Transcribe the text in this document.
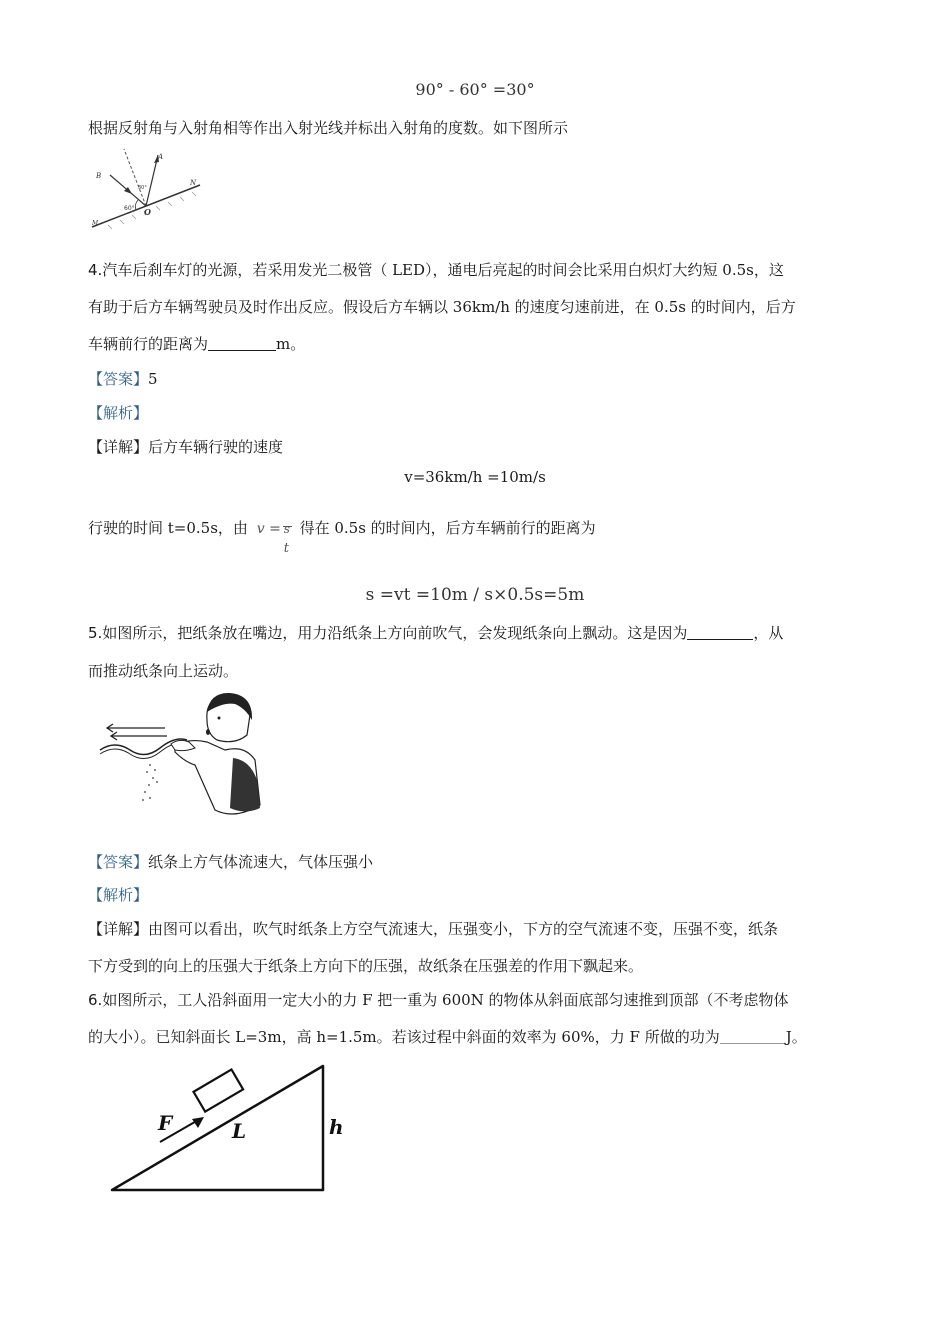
90° - 60° =30°
根据反射角与入射角相等作出入射光线并标出入射角的度数。如下图所示
A
B
N
O
M
60°
30°
4.汽车后刹车灯的光源，若采用发光二极管（ LED），通电后亮起的时间会比采用白炽灯大约短 0.5s，这
有助于后方车辆驾驶员及时作出反应。假设后方车辆以 36km/h 的速度匀速前进，在 0.5s 的时间内，后方
车辆前行的距离为	m。
【答案】5
【解析】
【详解】后方车辆行驶的速度
v=36km/h =10m/s
行驶的时间 t=0.5s，由 v = s
t
得在 0.5s 的时间内，后方车辆前行的距离为
s =vt =10m / s×0.5s=5m
5.如图所示，把纸条放在嘴边，用力沿纸条上方向前吹气，会发现纸条向上飘动。这是因为	，从
而推动纸条向上运动。
【答案】纸条上方气体流速大，气体压强小
【解析】
【详解】由图可以看出，吹气时纸条上方空气流速大，压强变小，下方的空气流速不变，压强不变，纸条
下方受到的向上的压强大于纸条上方向下的压强，故纸条在压强差的作用下飘起来。
6.如图所示，工人沿斜面用一定大小的力 F 把一重为 600N 的物体从斜面底部匀速推到顶部（不考虑物体
的大小）。已知斜面长 L=3m，高 h=1.5m。若该过程中斜面的效率为 60%，力 F 所做的功为	J。
F	L	h
